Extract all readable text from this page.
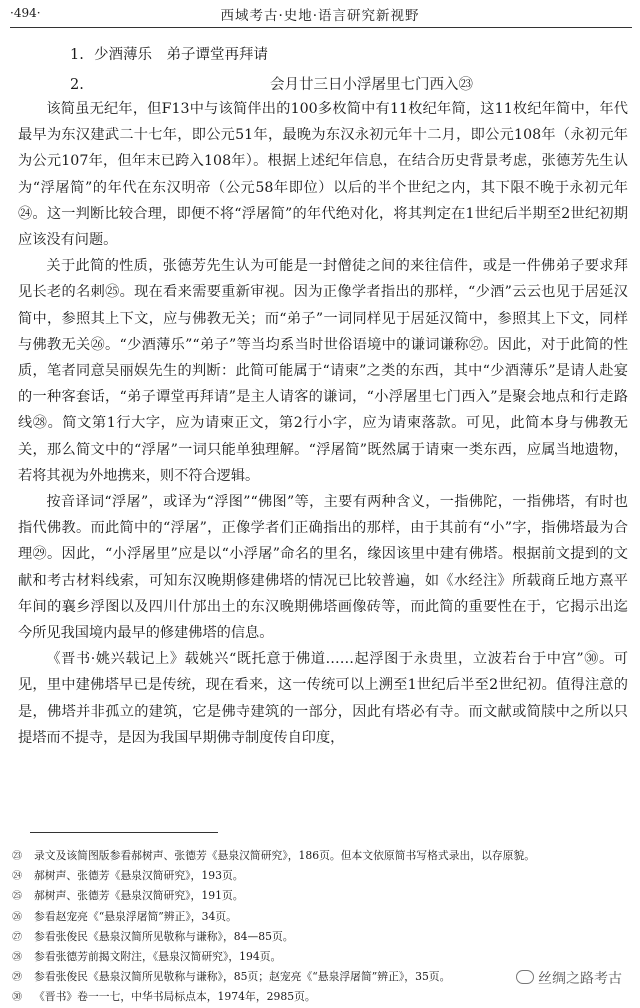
·494·	西域考古·史地·语言研究新视野
1. 少酒薄乐　弟子谭堂再拜请
2.	会月廿三日小浮屠里七门西入㉓

该简虽无纪年，但F13中与该简伴出的100多枚简中有11枚纪年简，这11枚纪年简中，年代最早为东汉建武二十七年，即公元51年，最晚为东汉永初元年十二月，即公元108年（永初元年为公元107年，但年末已跨入108年）。根据上述纪年信息，在结合历史背景考虑，张德芳先生认为“浮屠简”的年代在东汉明帝（公元58年即位）以后的半个世纪之内，其下限不晚于永初元年㉔。这一判断比较合理，即便不将“浮屠简”的年代绝对化，将其判定在1世纪后半期至2世纪初期应该没有问题。

关于此简的性质，张德芳先生认为可能是一封僧徒之间的来往信件，或是一件佛弟子要求拜见长老的名刺㉕。现在看来需要重新审视。因为正像学者指出的那样，“少酒”云云也见于居延汉简中，参照其上下文，应与佛教无关；而“弟子”一词同样见于居延汉简中，参照其上下文，同样与佛教无关㉖。“少酒薄乐”“弟子”等当均系当时世俗语境中的谦词谦称㉗。因此，对于此简的性质，笔者同意吴丽娱先生的判断：此简可能属于“请柬”之类的东西，其中“少酒薄乐”是请人赴宴的一种客套话，“弟子谭堂再拜请”是主人请客的谦词，“小浮屠里七门西入”是聚会地点和行走路线㉘。简文第1行大字，应为请柬正文，第2行小字，应为请柬落款。可见，此简本身与佛教无关，那么简文中的“浮屠”一词只能单独理解。“浮屠简”既然属于请柬一类东西，应属当地遗物，若将其视为外地携来，则不符合逻辑。

按音译词“浮屠”，或译为“浮图”“佛图”等，主要有两种含义，一指佛陀，一指佛塔，有时也指代佛教。而此简中的“浮屠”，正像学者们正确指出的那样，由于其前有“小”字，指佛塔最为合理㉙。因此，“小浮屠里”应是以“小浮屠”命名的里名，缘因该里中建有佛塔。根据前文提到的文献和考古材料线索，可知东汉晚期修建佛塔的情况已比较普遍，如《水经注》所载商丘地方熹平年间的襄乡浮图以及四川什邡出土的东汉晚期佛塔画像砖等，而此简的重要性在于，它揭示出迄今所见我国境内最早的修建佛塔的信息。

《晋书·姚兴载记上》载姚兴“既托意于佛道……起浮图于永贵里，立波若台于中宫”㉚。可见，里中建佛塔早已是传统，现在看来，这一传统可以上溯至1世纪后半至2世纪初。值得注意的是，佛塔并非孤立的建筑，它是佛寺建筑的一部分，因此有塔必有寺。而文献或简牍中之所以只提塔而不提寺，是因为我国早期佛寺制度传自印度，

㉓ 录文及该简图版参看郝树声、张德芳《悬泉汉简研究》，186页。但本文依原简书写格式录出，以存原貌。
㉔ 郝树声、张德芳《悬泉汉简研究》，193页。
㉕ 郝树声、张德芳《悬泉汉简研究》，191页。
㉖ 参看赵宠亮《“悬泉浮屠简”辨正》，34页。
㉗ 参看张俊民《悬泉汉简所见敬称与谦称》，84—85页。
㉘ 参看张德芳前揭文附注，《悬泉汉简研究》，194页。
㉙ 参看张俊民《悬泉汉简所见敬称与谦称》，85页；赵宠亮《“悬泉浮屠简”辨正》，35页。
㉚ 《晋书》卷一一七，中华书局标点本，1974年，2985页。
丝绸之路考古
